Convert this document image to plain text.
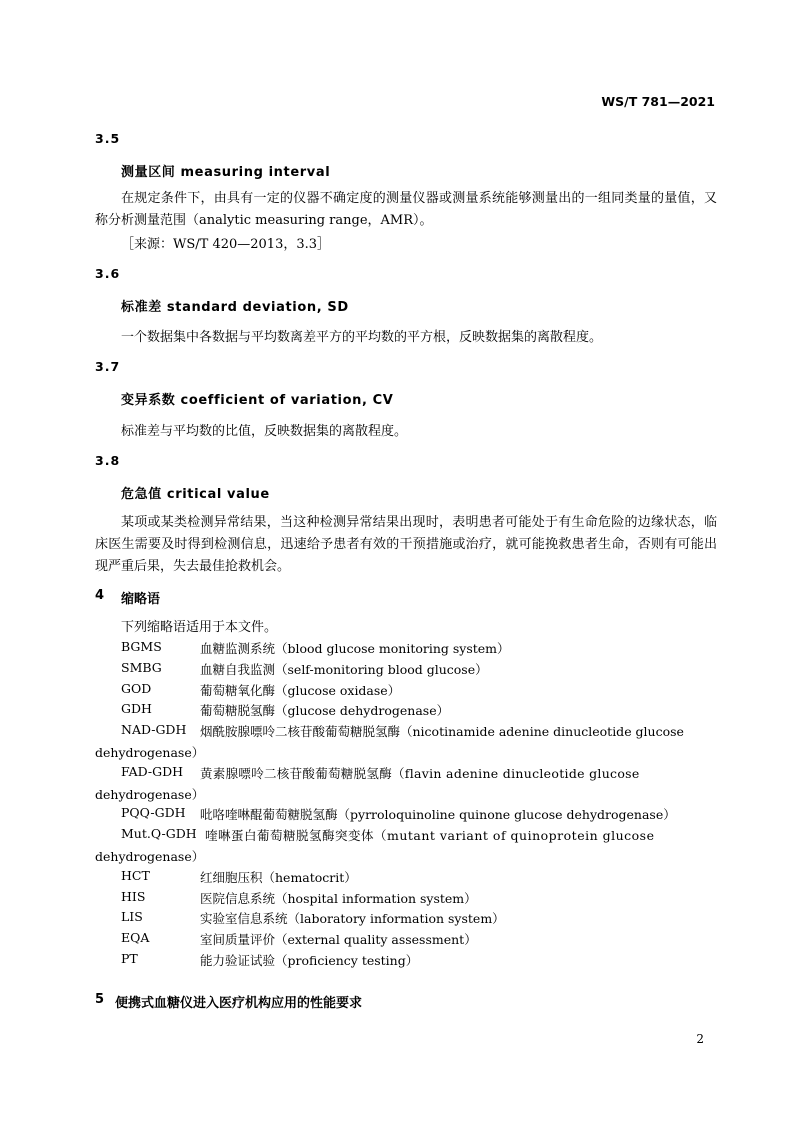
WS/T 781—2021
3.5
测量区间 measuring interval
在规定条件下，由具有一定的仪器不确定度的测量仪器或测量系统能够测量出的一组同类量的量值，又称分析测量范围（analytic measuring range，AMR）。
［来源：WS/T 420—2013，3.3］
3.6
标准差 standard deviation, SD
一个数据集中各数据与平均数离差平方的平均数的平方根，反映数据集的离散程度。
3.7
变异系数 coefficient of variation, CV
标准差与平均数的比值，反映数据集的离散程度。
3.8
危急值 critical value
某项或某类检测异常结果，当这种检测异常结果出现时，表明患者可能处于有生命危险的边缘状态，临床医生需要及时得到检测信息，迅速给予患者有效的干预措施或治疗，就可能挽救患者生命，否则有可能出现严重后果，失去最佳抢救机会。
4 缩略语
下列缩略语适用于本文件。
BGMS	血糖监测系统（blood glucose monitoring system）
SMBG	血糖自我监测（self-monitoring blood glucose）
GOD	葡萄糖氧化酶（glucose oxidase）
GDH	葡萄糖脱氢酶（glucose dehydrogenase）
NAD-GDH 烟酰胺腺嘌呤二核苷酸葡萄糖脱氢酶（nicotinamide adenine dinucleotide glucose
dehydrogenase）
FAD-GDH 黄素腺嘌呤二核苷酸葡萄糖脱氢酶（flavin adenine dinucleotide glucose
dehydrogenase）
PQQ-GDH 吡咯喹啉醌葡萄糖脱氢酶（pyrroloquinoline quinone glucose dehydrogenase）
Mut.Q-GDH 喹啉蛋白葡萄糖脱氢酶突变体（mutant variant of quinoprotein glucose
dehydrogenase）
HCT	红细胞压积（hematocrit）
HIS	医院信息系统（hospital information system）
LIS	实验室信息系统（laboratory information system）
EQA	室间质量评价（external quality assessment）
PT	能力验证试验（proficiency testing）
5 便携式血糖仪进入医疗机构应用的性能要求
2
